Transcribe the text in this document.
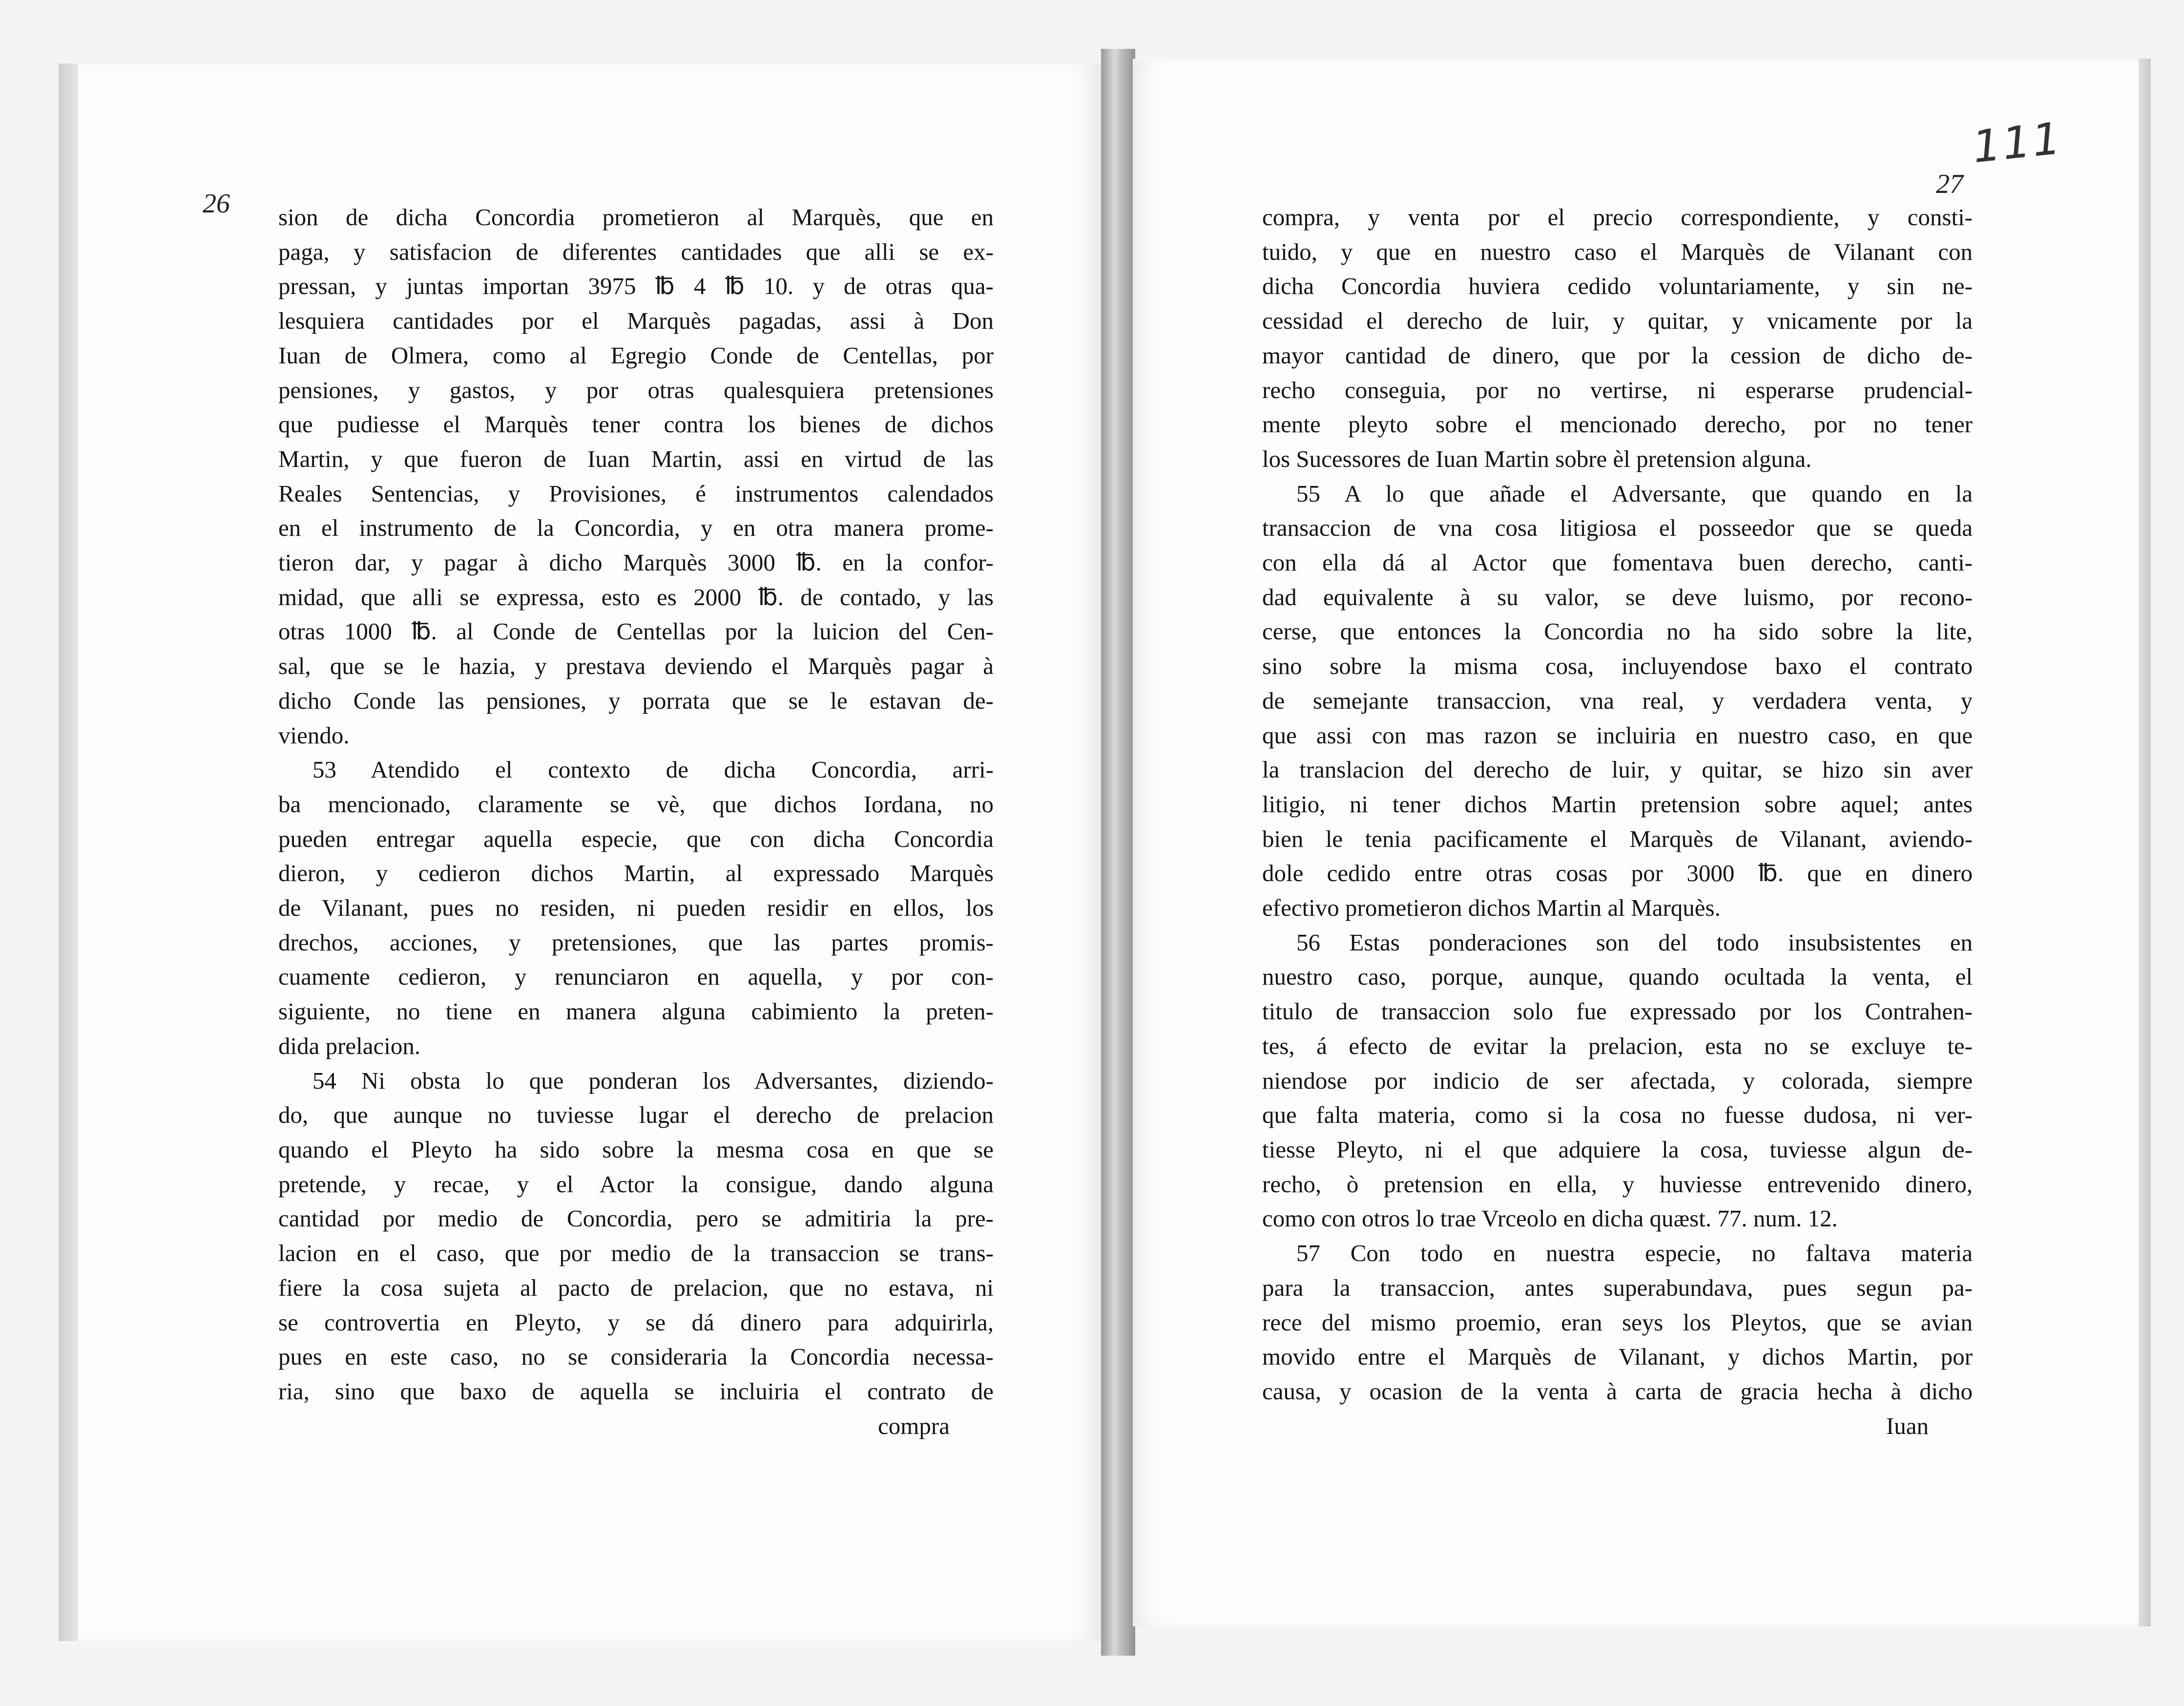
26
27
111
sion de dicha Concordia prometieron al Marquès, que en
paga, y satisfacion de diferentes cantidades que alli se ex-
pressan, y juntas importan 3975 ℔ 4 ℔ 10. y de otras qua-
lesquiera cantidades por el Marquès pagadas, assi à Don
Iuan de Olmera, como al Egregio Conde de Centellas, por
pensiones, y gastos, y por otras qualesquiera pretensiones
que pudiesse el Marquès tener contra los bienes de dichos
Martin, y que fueron de Iuan Martin, assi en virtud de las
Reales Sentencias, y Provisiones, é instrumentos calendados
en el instrumento de la Concordia, y en otra manera prome-
tieron dar, y pagar à dicho Marquès 3000 ℔. en la confor-
midad, que alli se expressa, esto es 2000 ℔. de contado, y las
otras 1000 ℔. al Conde de Centellas por la luicion del Cen-
sal, que se le hazia, y prestava deviendo el Marquès pagar à
dicho Conde las pensiones, y porrata que se le estavan de-
viendo.
53 Atendido el contexto de dicha Concordia, arri-
ba mencionado, claramente se vè, que dichos Iordana, no
pueden entregar aquella especie, que con dicha Concordia
dieron, y cedieron dichos Martin, al expressado Marquès
de Vilanant, pues no residen, ni pueden residir en ellos, los
drechos, acciones, y pretensiones, que las partes promis-
cuamente cedieron, y renunciaron en aquella, y por con-
siguiente, no tiene en manera alguna cabimiento la preten-
dida prelacion.
54 Ni obsta lo que ponderan los Adversantes, diziendo-
do, que aunque no tuviesse lugar el derecho de prelacion
quando el Pleyto ha sido sobre la mesma cosa en que se
pretende, y recae, y el Actor la consigue, dando alguna
cantidad por medio de Concordia, pero se admitiria la pre-
lacion en el caso, que por medio de la transaccion se trans-
fiere la cosa sujeta al pacto de prelacion, que no estava, ni
se controvertia en Pleyto, y se dá dinero para adquirirla,
pues en este caso, no se consideraria la Concordia necessa-
ria, sino que baxo de aquella se incluiria el contrato de
compra
compra, y venta por el precio correspondiente, y consti-
tuido, y que en nuestro caso el Marquès de Vilanant con
dicha Concordia huviera cedido voluntariamente, y sin ne-
cessidad el derecho de luir, y quitar, y vnicamente por la
mayor cantidad de dinero, que por la cession de dicho de-
recho conseguia, por no vertirse, ni esperarse prudencial-
mente pleyto sobre el mencionado derecho, por no tener
los Sucessores de Iuan Martin sobre èl pretension alguna.
55 A lo que añade el Adversante, que quando en la
transaccion de vna cosa litigiosa el posseedor que se queda
con ella dá al Actor que fomentava buen derecho, canti-
dad equivalente à su valor, se deve luismo, por recono-
cerse, que entonces la Concordia no ha sido sobre la lite,
sino sobre la misma cosa, incluyendose baxo el contrato
de semejante transaccion, vna real, y verdadera venta, y
que assi con mas razon se incluiria en nuestro caso, en que
la translacion del derecho de luir, y quitar, se hizo sin aver
litigio, ni tener dichos Martin pretension sobre aquel; antes
bien le tenia pacificamente el Marquès de Vilanant, aviendo-
dole cedido entre otras cosas por 3000 ℔. que en dinero
efectivo prometieron dichos Martin al Marquès.
56 Estas ponderaciones son del todo insubsistentes en
nuestro caso, porque, aunque, quando ocultada la venta, el
titulo de transaccion solo fue expressado por los Contrahen-
tes, á efecto de evitar la prelacion, esta no se excluye te-
niendose por indicio de ser afectada, y colorada, siempre
que falta materia, como si la cosa no fuesse dudosa, ni ver-
tiesse Pleyto, ni el que adquiere la cosa, tuviesse algun de-
recho, ò pretension en ella, y huviesse entrevenido dinero,
como con otros lo trae Vrceolo en dicha quæst. 77. num. 12.
57 Con todo en nuestra especie, no faltava materia
para la transaccion, antes superabundava, pues segun pa-
rece del mismo proemio, eran seys los Pleytos, que se avian
movido entre el Marquès de Vilanant, y dichos Martin, por
causa, y ocasion de la venta à carta de gracia hecha à dicho
Iuan
